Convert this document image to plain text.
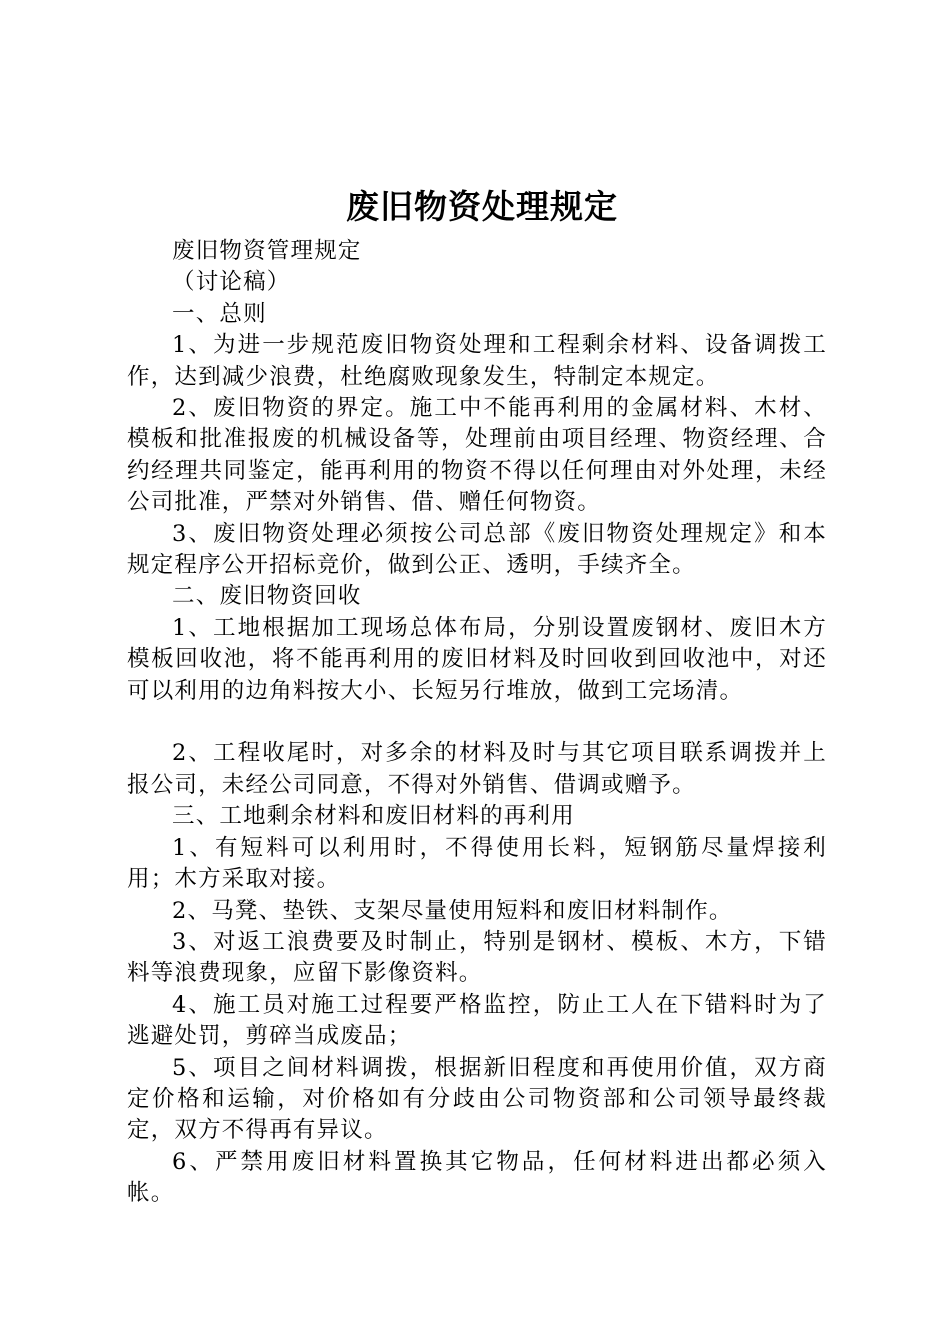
废旧物资处理规定

废旧物资管理规定

（讨论稿）

一、总则

1、为进一步规范废旧物资处理和工程剩余材料、设备调拨工作，达到减少浪费，杜绝腐败现象发生，特制定本规定。

2、废旧物资的界定。施工中不能再利用的金属材料、木材、模板和批准报废的机械设备等，处理前由项目经理、物资经理、合约经理共同鉴定，能再利用的物资不得以任何理由对外处理，未经公司批准，严禁对外销售、借、赠任何物资。

3、废旧物资处理必须按公司总部《废旧物资处理规定》和本规定程序公开招标竞价，做到公正、透明，手续齐全。

二、废旧物资回收

1、工地根据加工现场总体布局，分别设置废钢材、废旧木方模板回收池，将不能再利用的废旧材料及时回收到回收池中，对还可以利用的边角料按大小、长短另行堆放，做到工完场清。

2、工程收尾时，对多余的材料及时与其它项目联系调拨并上报公司，未经公司同意，不得对外销售、借调或赠予。

三、工地剩余材料和废旧材料的再利用

1、有短料可以利用时，不得使用长料，短钢筋尽量焊接利用；木方采取对接。

2、马凳、垫铁、支架尽量使用短料和废旧材料制作。

3、对返工浪费要及时制止，特别是钢材、模板、木方，下错料等浪费现象，应留下影像资料。

4、施工员对施工过程要严格监控，防止工人在下错料时为了逃避处罚，剪碎当成废品；

5、项目之间材料调拨，根据新旧程度和再使用价值，双方商定价格和运输，对价格如有分歧由公司物资部和公司领导最终裁定，双方不得再有异议。

6、严禁用废旧材料置换其它物品，任何材料进出都必须入帐。
